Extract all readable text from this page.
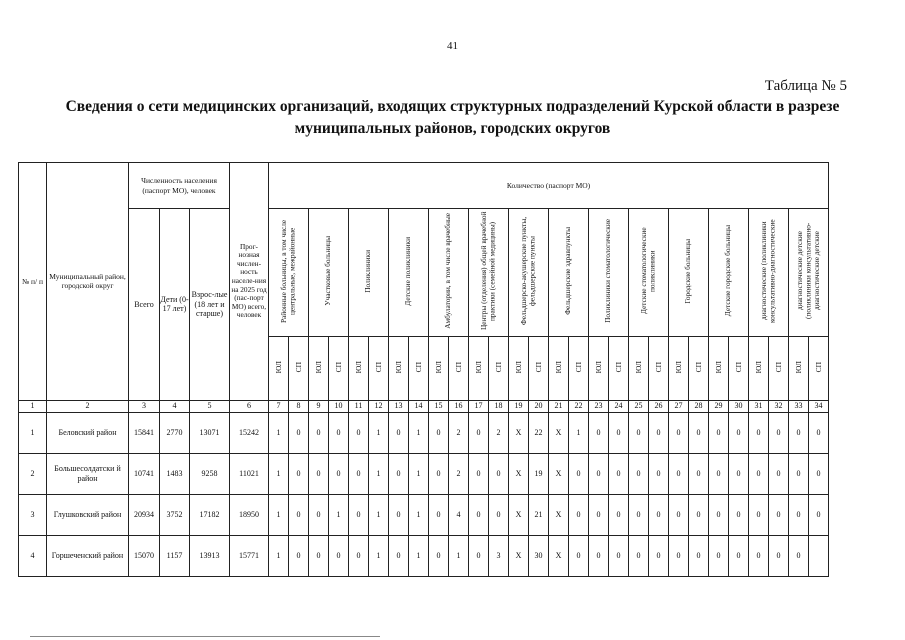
41
Таблица № 5
Сведения о сети медицинских организаций, входящих структурных подразделений Курской области в разрезе муниципальных районов, городских округов
№ п/ п	Муниципальный район, городской округ	Численность населения (паспорт МО), человек			Прог-нозная числен-ность населе-ния на 2025 год (пас-порт МО) всего, человек	Количество (паспорт МО)																											
		Всего	Дети (0-17 лет)	Взрос-лые (18 лет и старше)		Районные больницы, в том числе центральные, межрайонные		Участковые больницы		Поликлиники		Детские поликлиники		Амбулатории, в том числе врачебные		Центры (отделения) общей врачебной практики (семейной медицины)		Фельдшерско-акушерские пункты, фельдшерские пункты		Фельдшерские здравпункты		Поликлиники стоматологические		Детские стоматологические поликлиники		Городские больницы		Детские городские больницы		диагностические (поликлиники консультативно-диагностические		диагностические детские (поликлиники консультативно-диагностические детские	
						ЮЛ	СП	ЮЛ	СП	ЮЛ	СП	ЮЛ	СП	ЮЛ	СП	ЮЛ	СП	ЮЛ	СП	ЮЛ	СП	ЮЛ	СП	ЮЛ	СП	ЮЛ	СП	ЮЛ	СП	ЮЛ	СП	ЮЛ	СП
1	2	3	4	5	6	7	8	9	10	11	12	13	14	15	16	17	18	19	20	21	22	23	24	25	26	27	28	29	30	31	32	33	34
1	Беловский район	15841	2770	13071	15242	1	0	0	0	0	1	0	1	0	2	0	2	X	22	X	1	0	0	0	0	0	0	0	0	0	0	0	0
2	Большесолдатски й район	10741	1483	9258	11021	1	0	0	0	0	1	0	1	0	2	0	0	X	19	X	0	0	0	0	0	0	0	0	0	0	0	0	0
3	Глушковский район	20934	3752	17182	18950	1	0	0	1	0	1	0	1	0	4	0	0	X	21	X	0	0	0	0	0	0	0	0	0	0	0	0	0
4	Горшеченский район	15070	1157	13913	15771	1	0	0	0	0	1	0	1	0	1	0	3	X	30	X	0	0	0	0	0	0	0	0	0	0	0	0	
